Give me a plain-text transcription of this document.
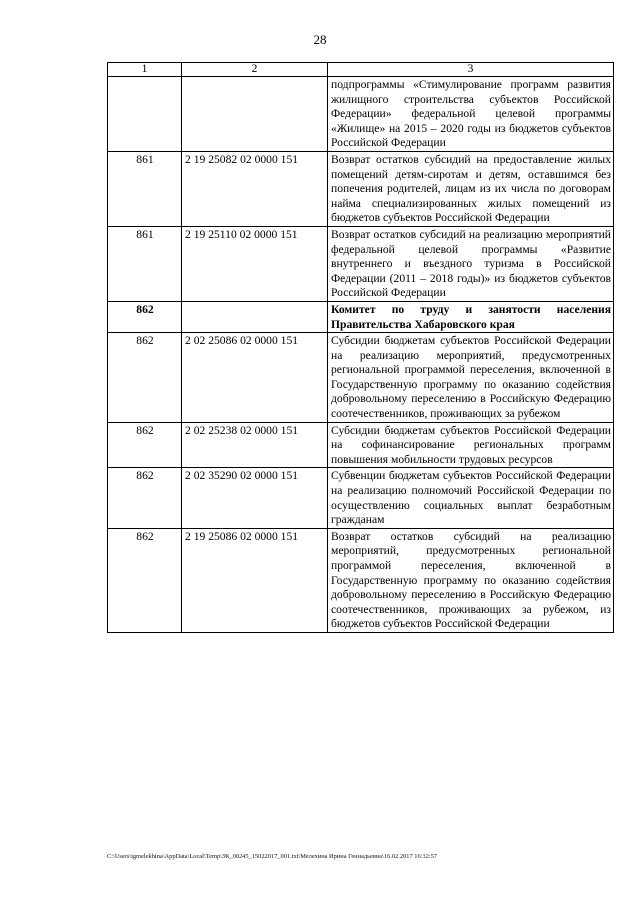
28
1	2	3
		подпрограммы «Стимулирование программ развития жилищного строительства субъектов Российской Федерации» федеральной целевой программы «Жилище» на 2015 – 2020 годы из бюджетов субъектов Российской Федерации
861	2 19 25082 02 0000 151	Возврат остатков субсидий на предоставление жилых помещений детям-сиротам и детям, оставшимся без попечения родителей, лицам из их числа по договорам найма специализированных жилых помещений из бюджетов субъектов Российской Федерации
861	2 19 25110 02 0000 151	Возврат остатков субсидий на реализацию мероприятий федеральной целевой программы «Развитие внутреннего и въездного туризма в Российской Федерации (2011 – 2018 годы)» из бюджетов субъектов Российской Федерации
862		Комитет по труду и занятости населения Правительства Хабаровского края
862	2 02 25086 02 0000 151	Субсидии бюджетам субъектов Российской Федерации на реализацию мероприятий, предусмотренных региональной программой переселения, включенной в Государственную программу по оказанию содействия добровольному переселению в Российскую Федерацию соотечественников, проживающих за рубежом
862	2 02 25238 02 0000 151	Субсидии бюджетам субъектов Российской Федерации на софинансирование региональных программ повышения мобильности трудовых ресурсов
862	2 02 35290 02 0000 151	Субвенции бюджетам субъектов Российской Федерации на реализацию полномочий Российской Федерации по осуществлению социальных выплат безработным гражданам
862	2 19 25086 02 0000 151	Возврат остатков субсидий на реализацию мероприятий, предусмотренных региональной программой переселения, включенной в Государственную программу по оказанию содействия добровольному переселению в Российскую Федерацию соотечественников, проживающих за рубежом, из бюджетов субъектов Российской Федерации
C:\Users\igmelekhina\AppData\Local\Temp\ЗК_00245_15022017_001.txt\Мелехина Ирина Геннадьевна\16.02.2017 16:32:57
